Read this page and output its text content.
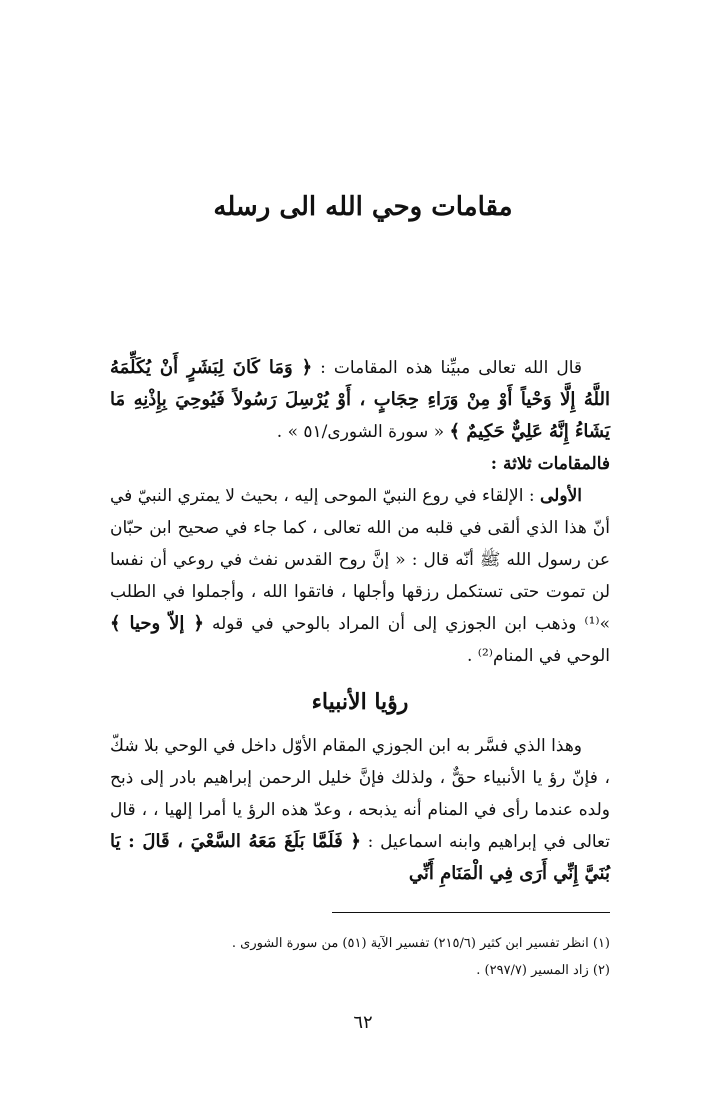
مقامات وحي الله الى رسله

قال الله تعالى مبيِّنا هذه المقامات : ﴿ وَمَا كَانَ لِبَشَرٍ أَنْ يُكَلِّمَهُ اللَّهُ إِلَّا وَحْياً أَوْ مِنْ وَرَاءِ حِجَابٍ ، أَوْ يُرْسِلَ رَسُولاً فَيُوحِيَ بِإِذْنِهِ مَا يَشَاءُ إِنَّهُ عَلِيٌّ حَكِيمٌ ﴾ « سورة الشورى/٥١ » .

فالمقامات ثلاثة :

الأولى : الإلقاء في روع النبيّ الموحى إليه ، بحيث لا يمتري النبيّ في أنّ هذا الذي ألقى في قلبه من الله تعالى ، كما جاء في صحيح ابن حبّان عن رسول الله ﷺ أنّه قال : « إنَّ روح القدس نفث في روعي أن نفسا لن تموت حتى تستكمل رزقها وأجلها ، فاتقوا الله ، وأجملوا في الطلب »⁽¹⁾ وذهب ابن الجوزي إلى أن المراد بالوحي في قوله ﴿ إلاّ وحيا ﴾ الوحي في المنام⁽²⁾ .

رؤيا الأنبياء

وهذا الذي فسَّر به ابن الجوزي المقام الأوّل داخل في الوحي بلا شكّ ، فإنّ رؤ يا الأنبياء حقٌّ ، ولذلك فإنَّ خليل الرحمن إبراهيم بادر إلى ذبح ولده عندما رأى في المنام أنه يذبحه ، وعدّ هذه الرؤ يا أمرا إلهيا ، ، قال تعالى في إبراهيم وابنه اسماعيل : ﴿ فَلَمَّا بَلَغَ مَعَهُ السَّعْيَ ، قَالَ : يَا بُنَيَّ إِنِّي أَرَى فِي الْمَنَامِ أَنِّي

(١) انظر تفسير ابن كثير (٢١٥/٦) تفسير الآية (٥١) من سورة الشورى .

(٢) زاد المسير (٢٩٧/٧) .

٦٢
